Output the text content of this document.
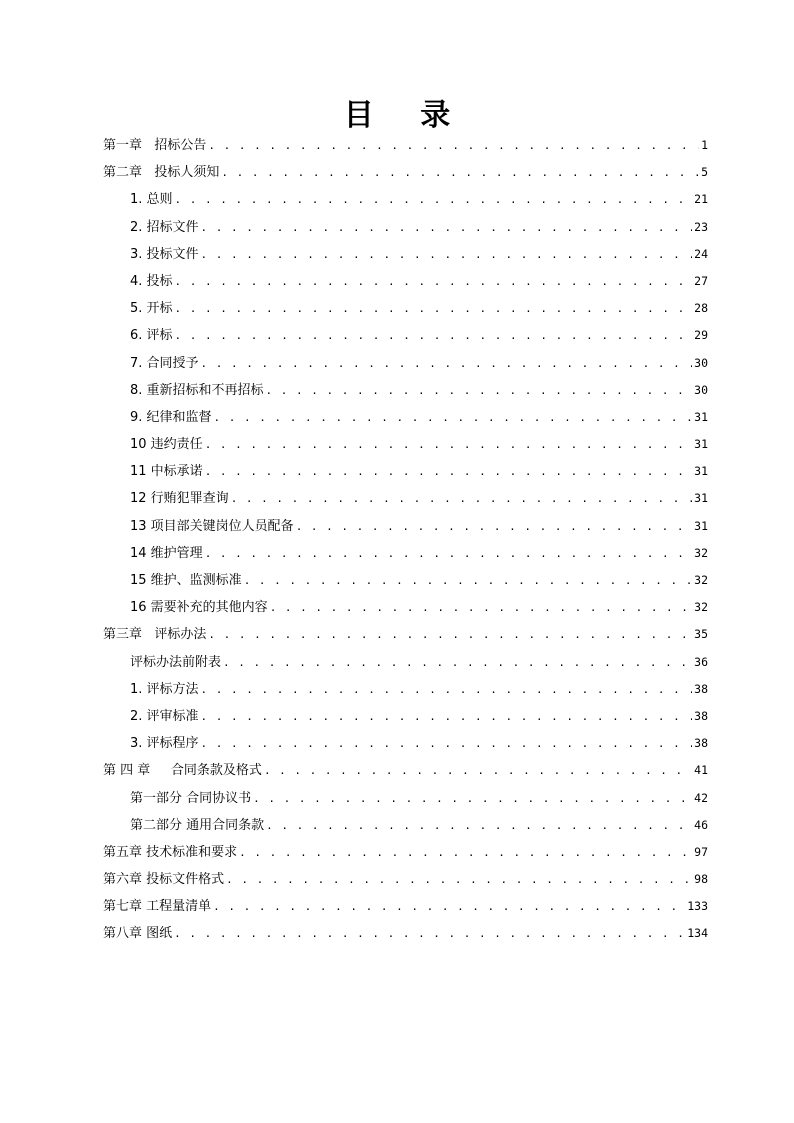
目 录
第一章   招标公告 . . .	1
第二章   投标人须知 . . .	5
1. 总则 . . .	21
2. 招标文件 . . .	23
3. 投标文件 . . .	24
4. 投标 . . .	27
5. 开标 . . .	28
6. 评标 . . .	29
7. 合同授予 . . .	30
8. 重新招标和不再招标 . . .	30
9. 纪律和监督 . . .	31
10 违约责任 . . .	31
11 中标承诺 . . .	31
12 行贿犯罪查询 . . .	31
13 项目部关键岗位人员配备 . . .	31
14 维护管理 . . .	32
15 维护、监测标准 . . .	32
16 需要补充的其他内容 . . .	32
第三章   评标办法 . . .	35
评标办法前附表 . . .	36
1. 评标方法 . . .	38
2. 评审标准 . . .	38
3. 评标程序 . . .	38
第 四 章     合同条款及格式 . . .	41
第一部分 合同协议书 . . .	42
第二部分 通用合同条款 . . .	46
第五章 技术标准和要求 . . .	97
第六章 投标文件格式 . . .	98
第七章 工程量清单 . . .	133
第八章 图纸 . . .	134
